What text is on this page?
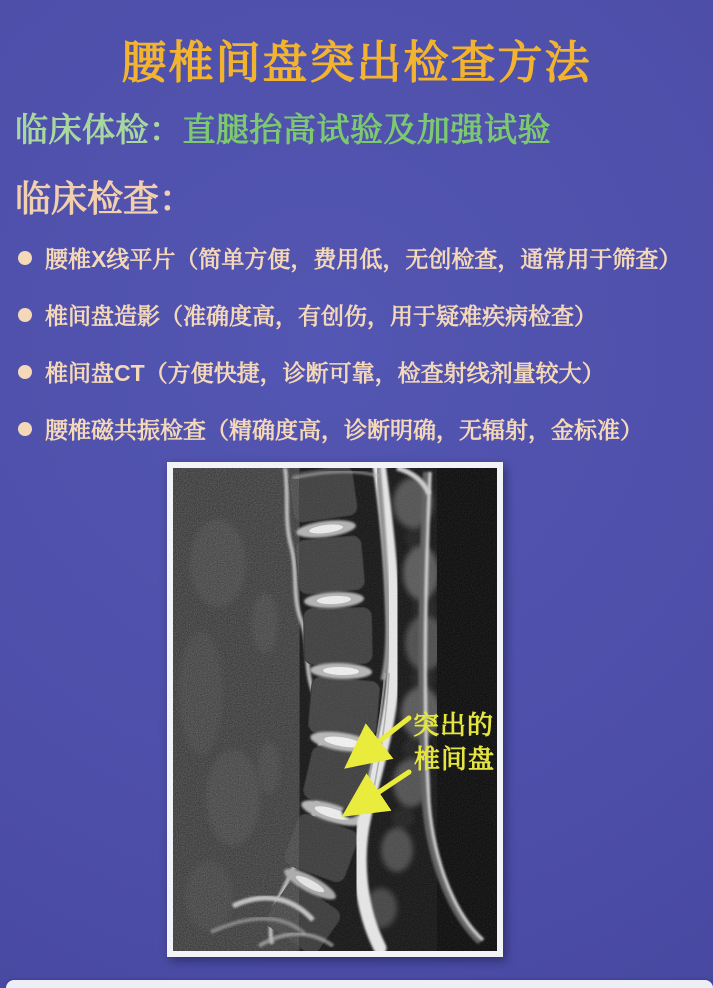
腰椎间盘突出检查方法
临床体检：直腿抬高试验及加强试验
临床检查：
腰椎X线平片（简单方便，费用低，无创检查，通常用于筛查）
椎间盘造影（准确度高，有创伤，用于疑难疾病检查）
椎间盘CT（方便快捷，诊断可靠，检查射线剂量较大）
腰椎磁共振检查（精确度高，诊断明确，无辐射，金标准）
突出的
椎间盘
